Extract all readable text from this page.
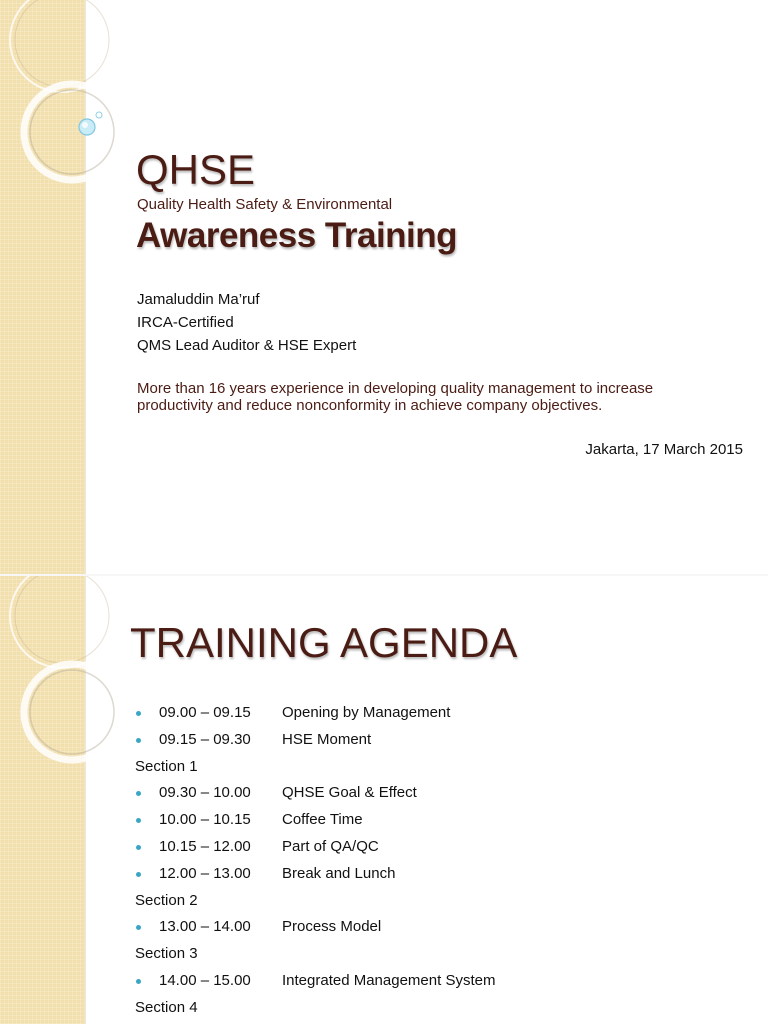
QHSE
Quality Health Safety & Environmental
Awareness Training
Jamaluddin Ma’ruf
IRCA-Certified
QMS Lead Auditor & HSE Expert
More than 16 years experience in developing quality management to increase
productivity and reduce nonconformity in achieve company objectives.
Jakarta, 17 March 2015
TRAINING AGENDA
09.00 – 09.15 Opening by Management
09.15 – 09.30 HSE Moment
Section 1
09.30 – 10.00 QHSE Goal & Effect
10.00 – 10.15 Coffee Time
10.15 – 12.00 Part of QA/QC
12.00 – 13.00 Break and Lunch
Section 2
13.00 – 14.00 Process Model
Section 3
14.00 – 15.00 Integrated Management System
Section 4
